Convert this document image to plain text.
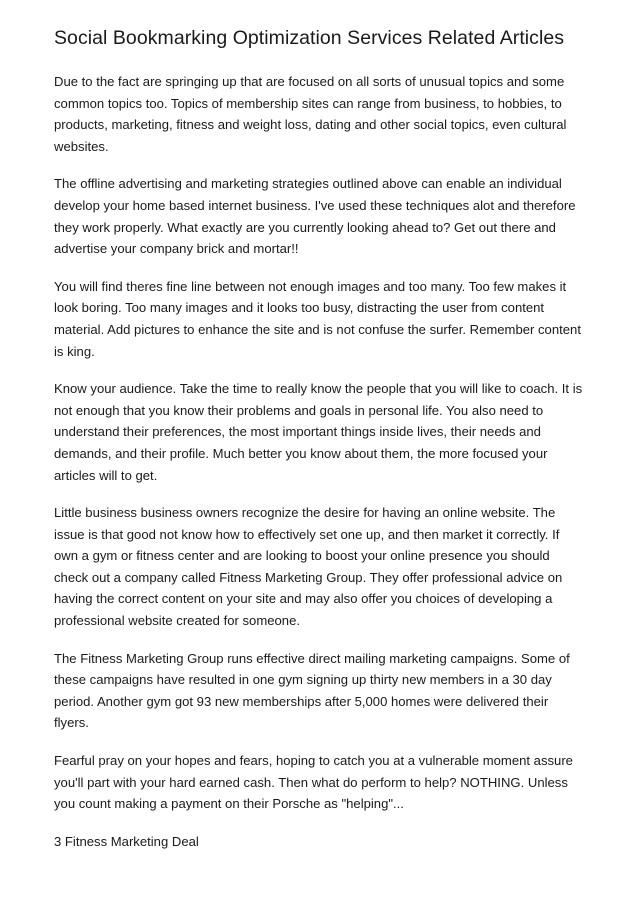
Social Bookmarking Optimization Services Related Articles

Due to the fact are springing up that are focused on all sorts of unusual topics and some common topics too. Topics of membership sites can range from business, to hobbies, to products, marketing, fitness and weight loss, dating and other social topics, even cultural websites.

The offline advertising and marketing strategies outlined above can enable an individual develop your home based internet business. I've used these techniques alot and therefore they work properly. What exactly are you currently looking ahead to? Get out there and advertise your company brick and mortar!!

You will find theres fine line between not enough images and too many. Too few makes it look boring. Too many images and it looks too busy, distracting the user from content material. Add pictures to enhance the site and is not confuse the surfer. Remember content is king.

Know your audience. Take the time to really know the people that you will like to coach. It is not enough that you know their problems and goals in personal life. You also need to understand their preferences, the most important things inside lives, their needs and demands, and their profile. Much better you know about them, the more focused your articles will to get.

Little business business owners recognize the desire for having an online website. The issue is that good not know how to effectively set one up, and then market it correctly. If own a gym or fitness center and are looking to boost your online presence you should check out a company called Fitness Marketing Group. They offer professional advice on having the correct content on your site and may also offer you choices of developing a professional website created for someone.

The Fitness Marketing Group runs effective direct mailing marketing campaigns. Some of these campaigns have resulted in one gym signing up thirty new members in a 30 day period. Another gym got 93 new memberships after 5,000 homes were delivered their flyers.

Fearful pray on your hopes and fears, hoping to catch you at a vulnerable moment assure you'll part with your hard earned cash. Then what do perform to help? NOTHING. Unless you count making a payment on their Porsche as "helping"...

3 Fitness Marketing Deal
